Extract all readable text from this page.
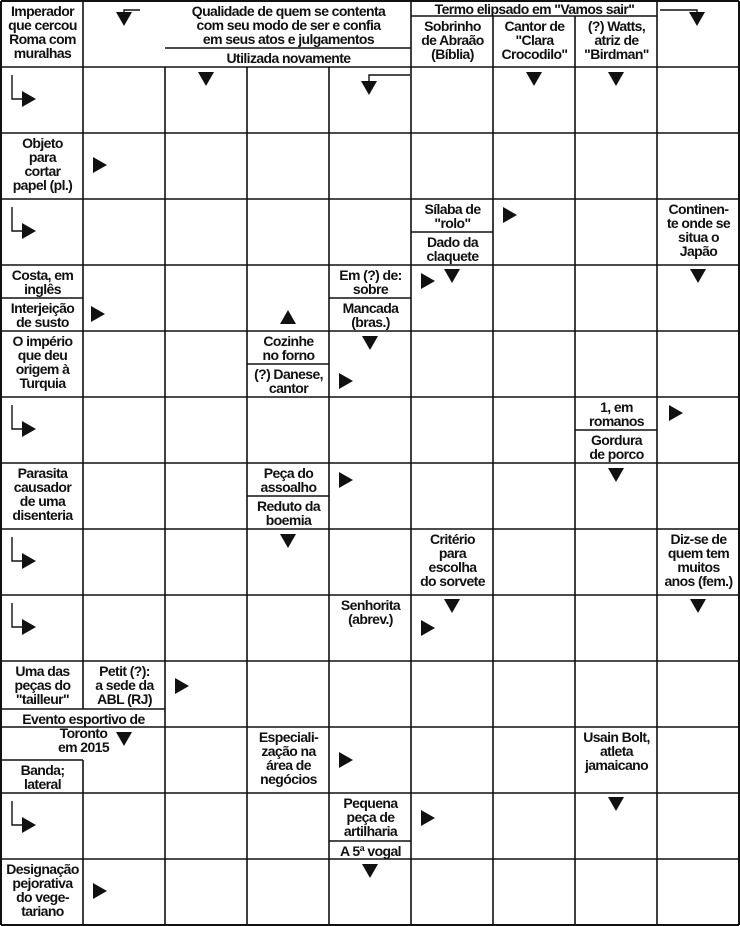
Imperador
que cercou
Roma com
muralhas
Qualidade de quem se contenta
com seu modo de ser e confia
em seus atos e julgamentos
Utilizada novamente
Termo elipsado em "Vamos sair"
Sobrinho
de Abraão
(Bíblia)
Cantor de
"Clara
Crocodilo"
(?) Watts,
atriz de
"Birdman"
Objeto
para
cortar
papel (pl.)
Sílaba de
"rolo"
Dado da
claquete
Continen-
te onde se
situa o
Japão
Costa, em
inglês
Em (?) de:
sobre
Interjeição
de susto
Mancada
(bras.)
O império
que deu
origem à
Turquia
Cozinhe
no forno
(?) Danese,
cantor
1, em
romanos
Gordura
de porco
Parasita
causador
de uma
disenteria
Peça do
assoalho
Reduto da
boemia
Critério
para
escolha
do sorvete
Diz-se de
quem tem
muitos
anos (fem.)
Senhorita
(abrev.)
Uma das
peças do
"tailleur"
Petit (?):
a sede da
ABL (RJ)
Evento esportivo de
Toronto
em 2015
Especiali-
zação na
área de
negócios
Usain Bolt,
atleta
jamaicano
Banda;
lateral
Pequena
peça de
artilharia
A 5ª vogal
Designação
pejorativa
do vege-
tariano
